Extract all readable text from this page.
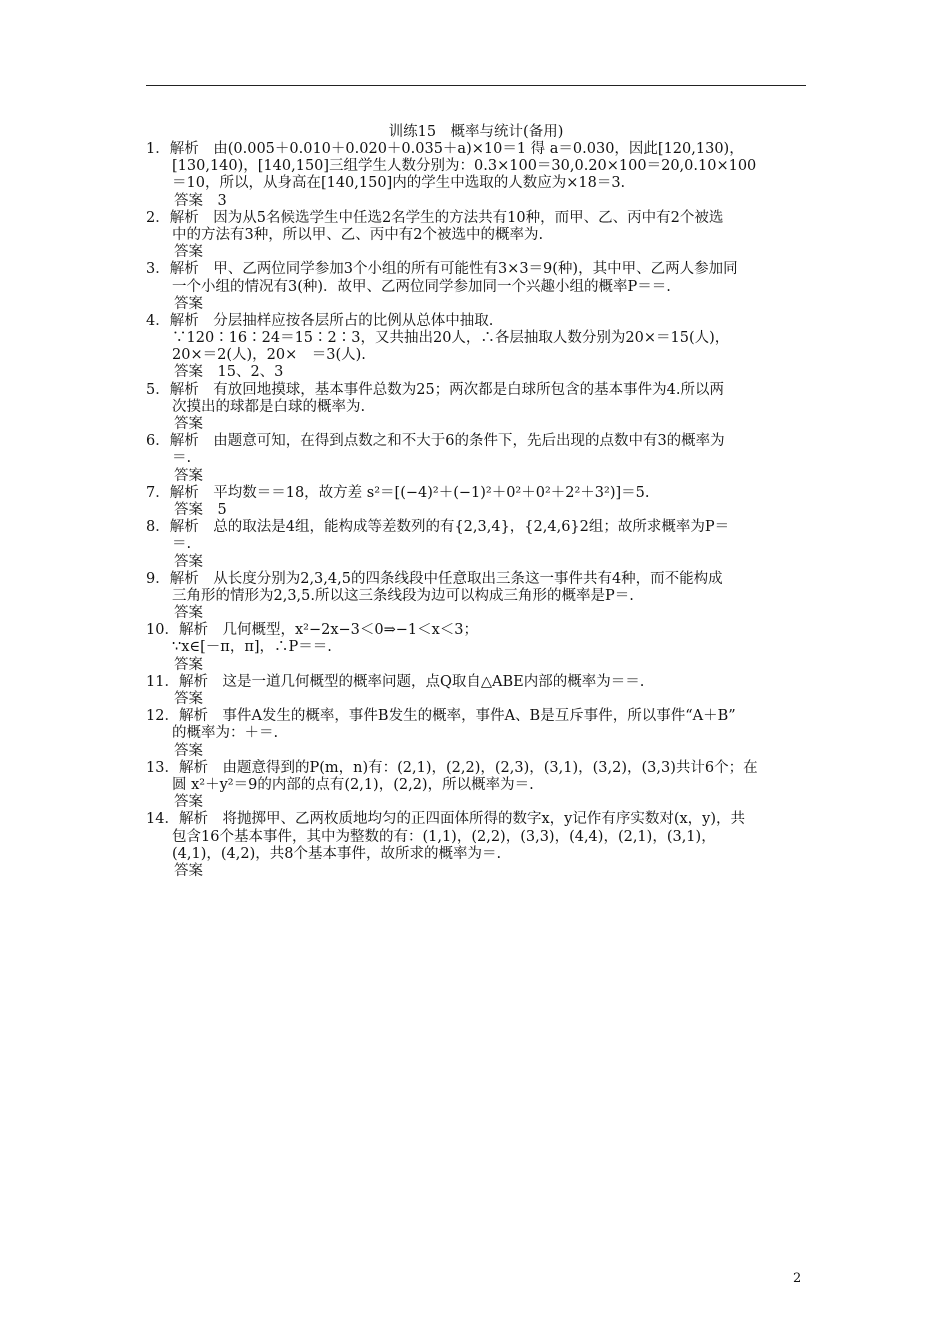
训练15　概率与统计(备用)
1．解析　由(0.005＋0.010＋0.020＋0.035＋a)×10＝1 得 a＝0.030，因此[120,130)，
[130,140)，[140,150]三组学生人数分别为：0.3×100＝30,0.20×100＝20,0.10×100
＝10，所以，从身高在[140,150]内的学生中选取的人数应为×18＝3.
答案　3
2．解析　因为从5名候选学生中任选2名学生的方法共有10种，而甲、乙、丙中有2个被选
中的方法有3种，所以甲、乙、丙中有2个被选中的概率为.
答案
3．解析　甲、乙两位同学参加3个小组的所有可能性有3×3＝9(种)，其中甲、乙两人参加同
一个小组的情况有3(种)．故甲、乙两位同学参加同一个兴趣小组的概率P＝＝.
答案
4．解析　分层抽样应按各层所占的比例从总体中抽取.
∵120∶16∶24＝15∶2∶3，又共抽出20人，∴各层抽取人数分别为20×＝15(人)，
20×＝2(人)，20×　＝3(人).
答案　15、2、3
5．解析　有放回地摸球，基本事件总数为25；两次都是白球所包含的基本事件为4.所以两
次摸出的球都是白球的概率为.
答案
6．解析　由题意可知，在得到点数之和不大于6的条件下，先后出现的点数中有3的概率为
＝.
答案
7．解析　平均数＝＝18，故方差 s²＝[(−4)²＋(−1)²＋0²＋0²＋2²＋3²)]＝5.
答案　5
8．解析　总的取法是4组，能构成等差数列的有{2,3,4}，{2,4,6}2组；故所求概率为P＝
＝.
答案
9．解析　从长度分别为2,3,4,5的四条线段中任意取出三条这一事件共有4种，而不能构成
三角形的情形为2,3,5.所以这三条线段为边可以构成三角形的概率是P＝.
答案
10．解析　几何概型，x²−2x−3＜0⇒−1＜x＜3；
∵x∈[－π，π]，∴P＝＝.
答案
11．解析　这是一道几何概型的概率问题，点Q取自△ABE内部的概率为＝＝.
答案
12．解析　事件A发生的概率，事件B发生的概率，事件A、B是互斥事件，所以事件“A＋B”
的概率为：＋＝.
答案
13．解析　由题意得到的P(m，n)有：(2,1)，(2,2)，(2,3)，(3,1)，(3,2)，(3,3)共计6个；在
圆 x²＋y²＝9的内部的点有(2,1)，(2,2)，所以概率为＝.
答案
14．解析　将抛掷甲、乙两枚质地均匀的正四面体所得的数字x，y记作有序实数对(x，y)，共
包含16个基本事件，其中为整数的有：(1,1)，(2,2)，(3,3)，(4,4)，(2,1)，(3,1)，
(4,1)，(4,2)，共8个基本事件，故所求的概率为＝.
答案
2
